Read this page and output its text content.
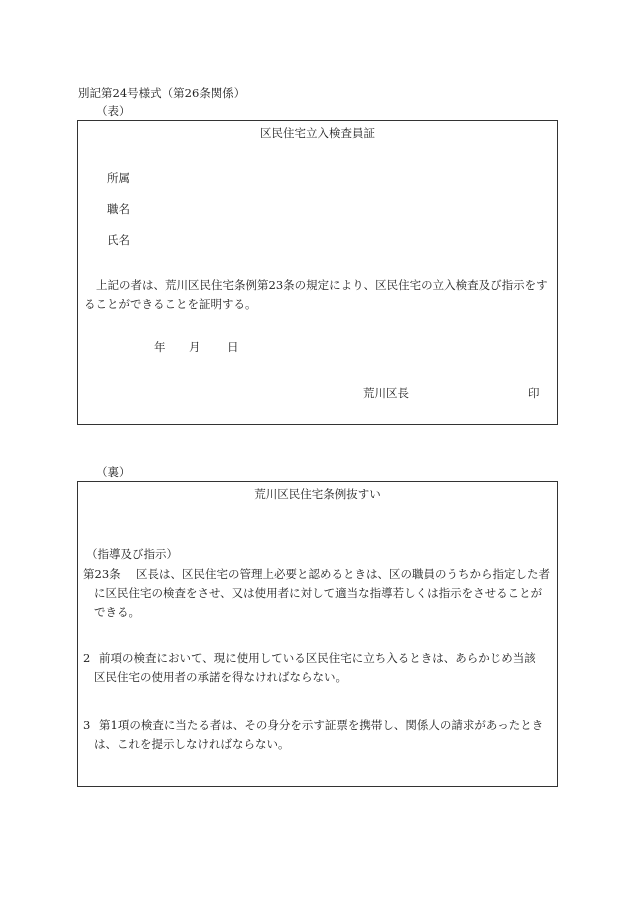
別記第24号様式（第26条関係）
（表）
区民住宅立入検査員証
所属
職名
氏名
上記の者は、荒川区民住宅条例第23条の規定により、区民住宅の立入検査及び指示をす
ることができることを証明する。
年 月 日
荒川区長	印
（裏）
荒川区民住宅条例抜すい
（指導及び指示）
第23条 区長は、区民住宅の管理上必要と認めるときは、区の職員のうちから指定した者
に区民住宅の検査をさせ、又は使用者に対して適当な指導若しくは指示をさせることが
できる。
2 前項の検査において、現に使用している区民住宅に立ち入るときは、あらかじめ当該
区民住宅の使用者の承諾を得なければならない。
3 第1項の検査に当たる者は、その身分を示す証票を携帯し、関係人の請求があったとき
は、これを提示しなければならない。
